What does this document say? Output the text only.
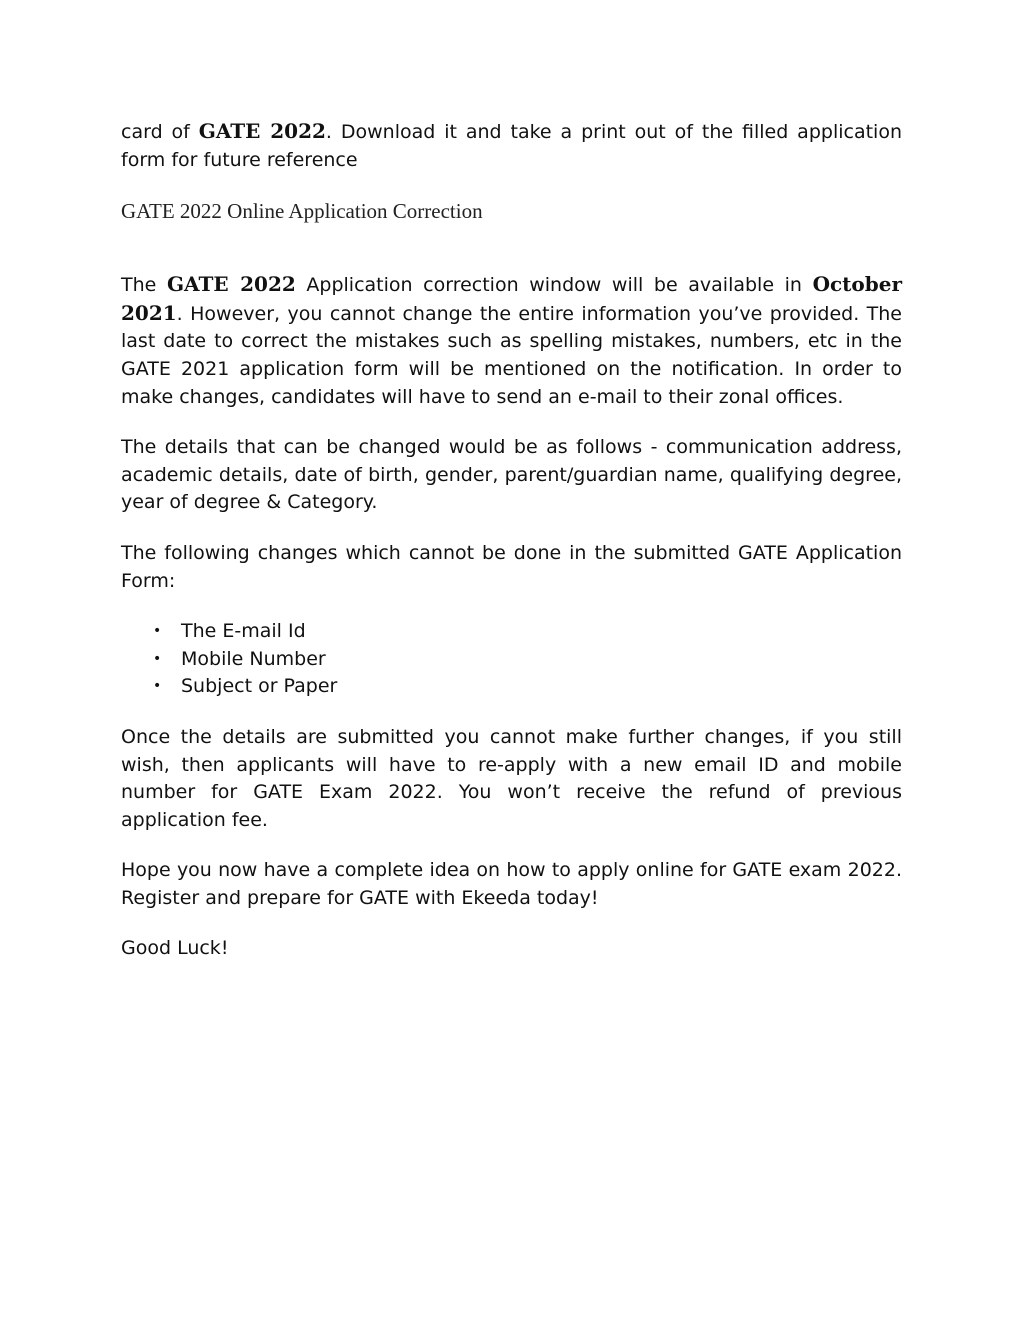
card of GATE 2022. Download it and take a print out of the filled application form for future reference

GATE 2022 Online Application Correction

The GATE 2022 Application correction window will be available in October 2021. However, you cannot change the entire information you’ve provided. The last date to correct the mistakes such as spelling mistakes, numbers, etc in the GATE 2021 application form will be mentioned on the notification. In order to make changes, candidates will have to send an e-mail to their zonal offices.

The details that can be changed would be as follows - communication address, academic details, date of birth, gender, parent/guardian name, qualifying degree, year of degree & Category.

The following changes which cannot be done in the submitted GATE Application Form:

• The E-mail Id
• Mobile Number
• Subject or Paper

Once the details are submitted you cannot make further changes, if you still wish, then applicants will have to re-apply with a new email ID and mobile number for GATE Exam 2022. You won’t receive the refund of previous application fee.

Hope you now have a complete idea on how to apply online for GATE exam 2022. Register and prepare for GATE with Ekeeda today!

Good Luck!
